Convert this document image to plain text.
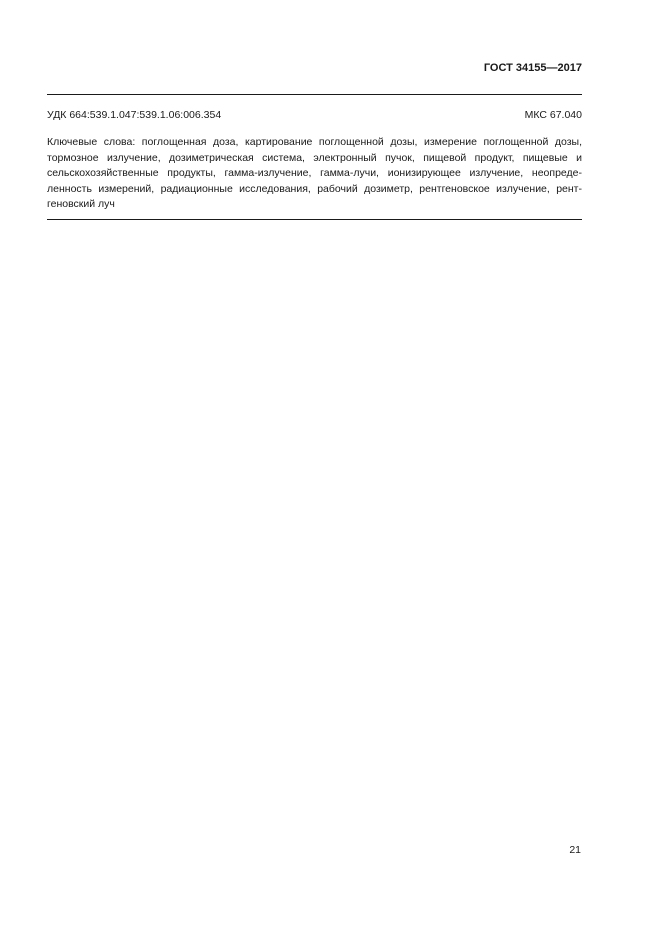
ГОСТ 34155—2017
УДК 664:539.1.047:539.1.06:006.354	МКС 67.040
Ключевые слова: поглощенная доза, картирование поглощенной дозы, измерение поглощенной дозы,
тормозное излучение, дозиметрическая система, электронный пучок, пищевой продукт, пищевые и
сельскохозяйственные продукты, гамма-излучение, гамма-лучи, ионизирующее излучение, неопреде-
ленность измерений, радиационные исследования, рабочий дозиметр, рентгеновское излучение, рент-
геновский луч
21
